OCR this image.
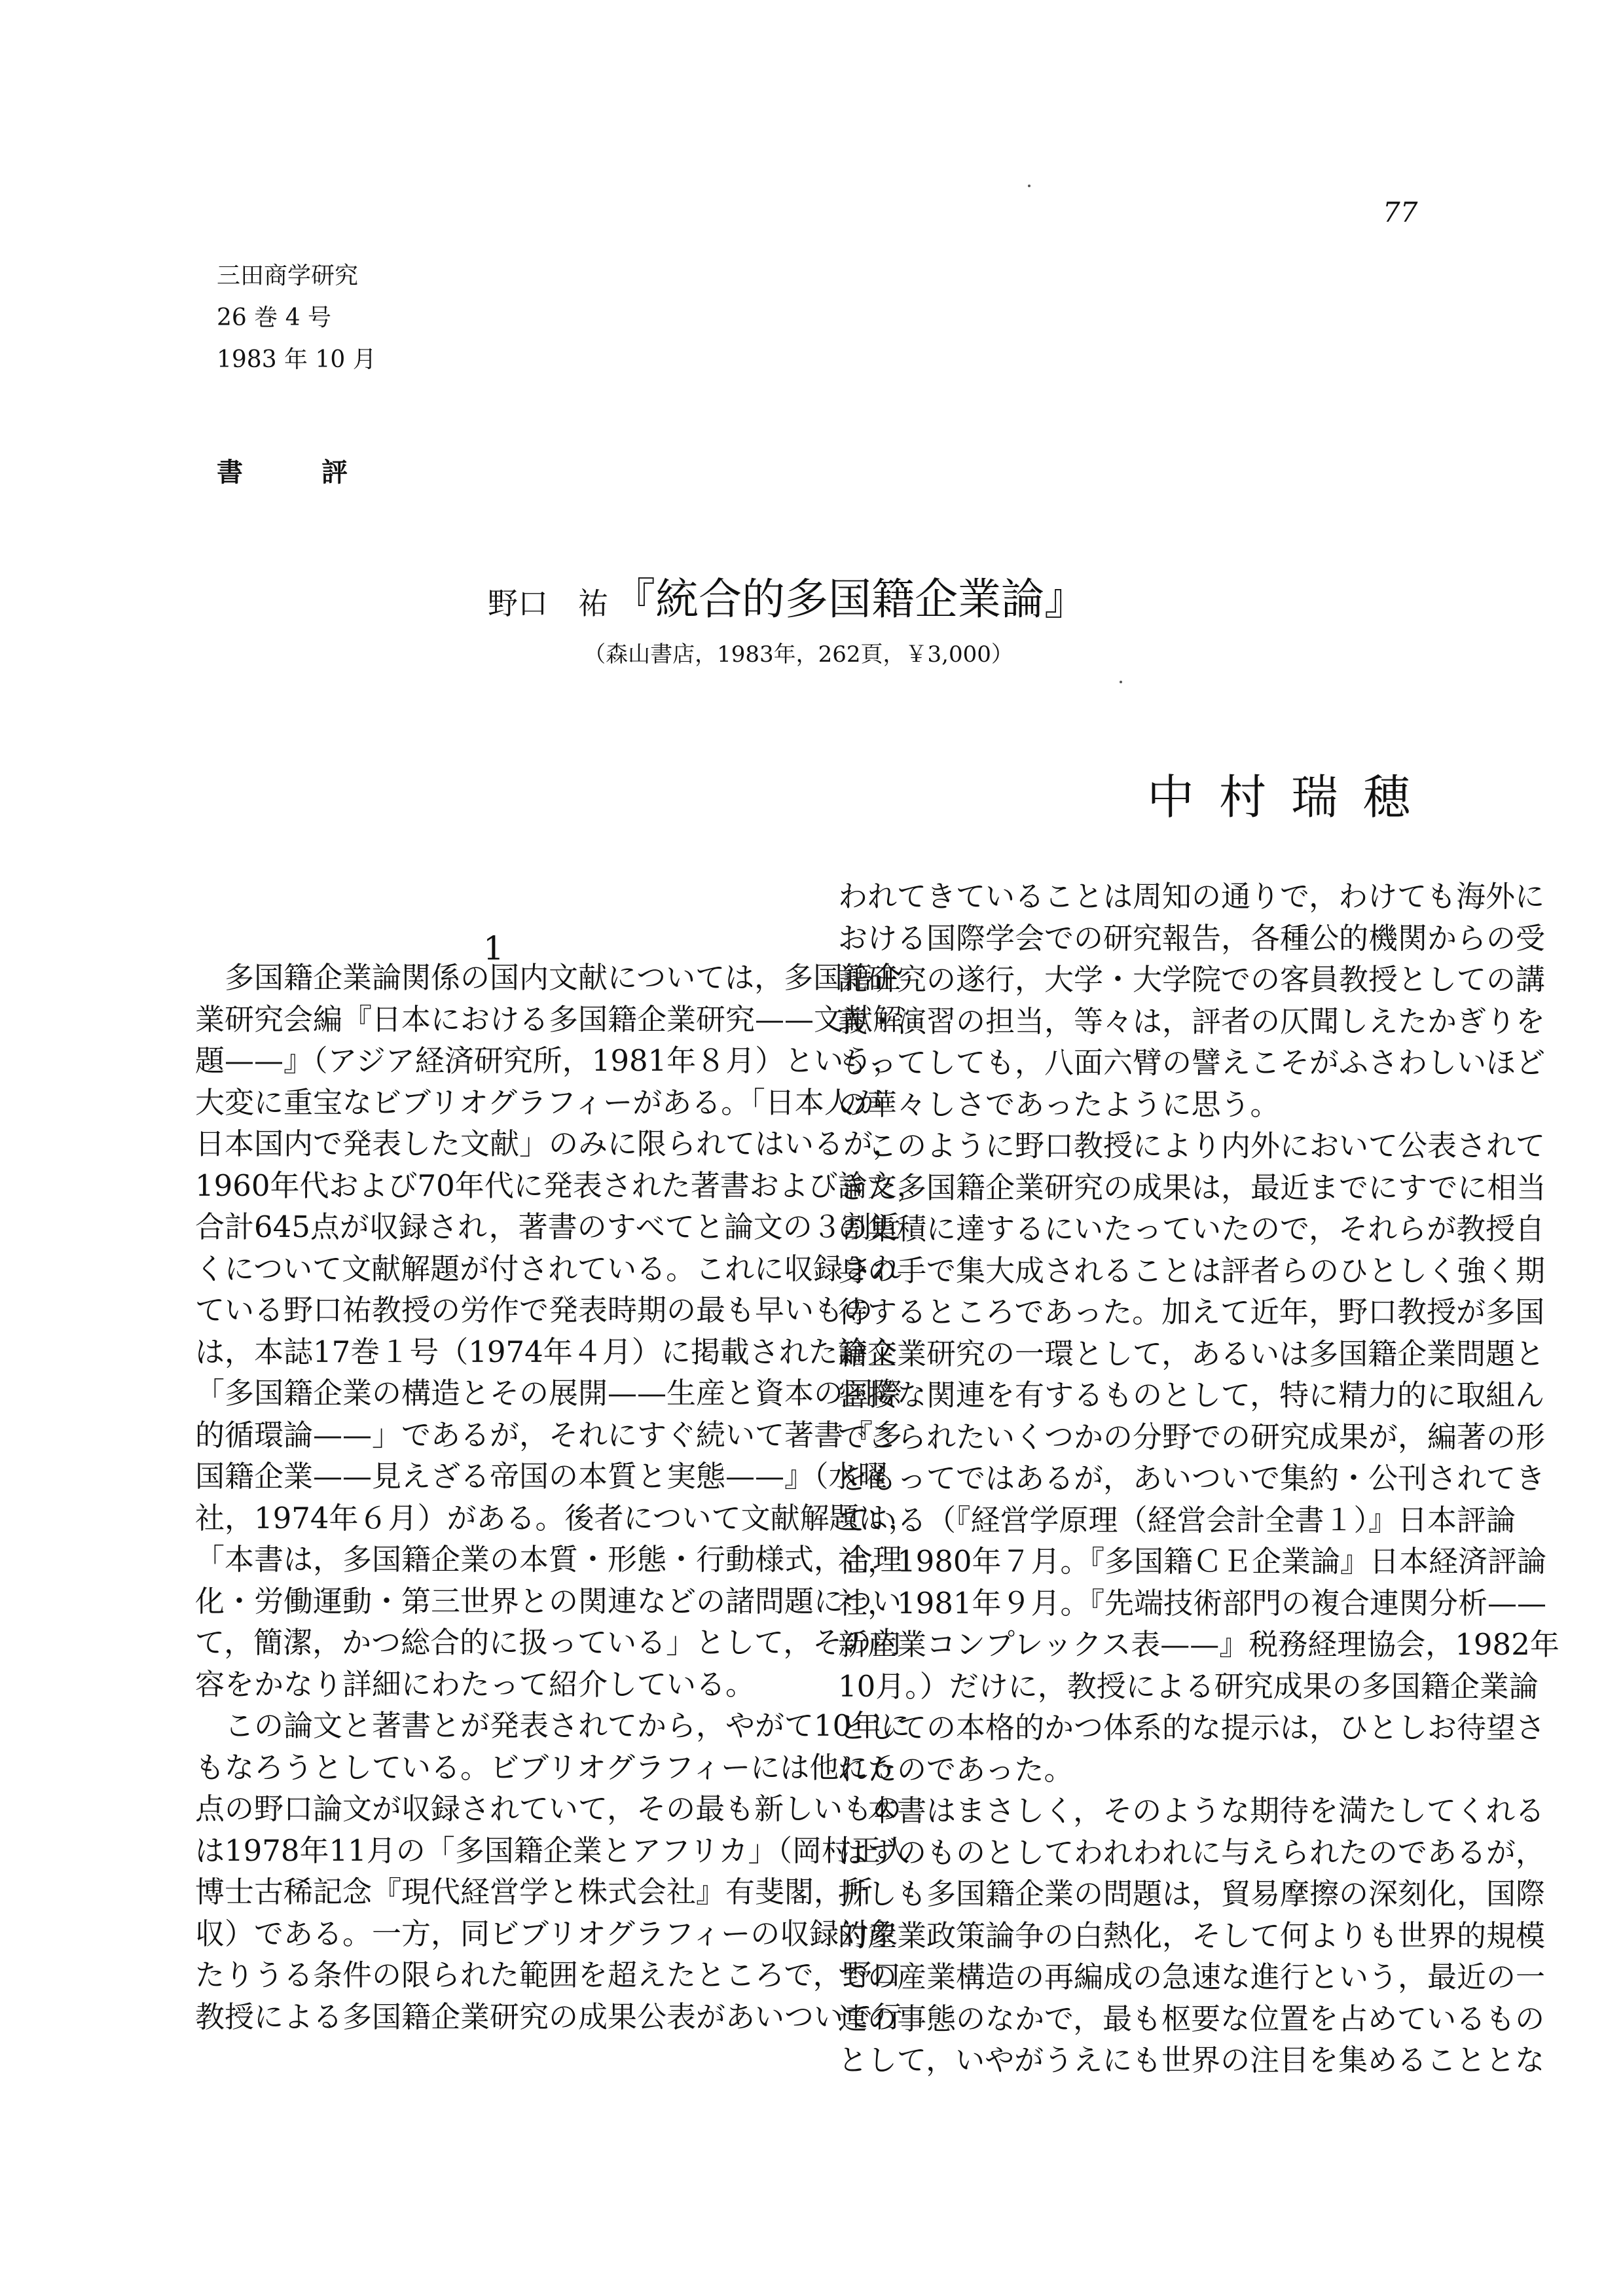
77
三田商学研究
26 巻 4 号
1983 年 10 月
書　評
野口　祐 『統合的多国籍企業論』
（森山書店，1983年，262頁，￥3,000）
中村瑞穂
1
　多国籍企業論関係の国内文献については，多国籍企
業研究会編『日本における多国籍企業研究——文献解
題——』（アジア経済研究所，1981年８月）という，
大変に重宝なビブリオグラフィーがある。「日本人が
日本国内で発表した文献」のみに限られてはいるが，
1960年代および70年代に発表された著書および論文，
合計645点が収録され，著書のすべてと論文の３割近
くについて文献解題が付されている。これに収録され
ている野口祐教授の労作で発表時期の最も早いもの
は，本誌17巻１号（1974年４月）に掲載された論文
「多国籍企業の構造とその展開——生産と資本の国際
的循環論——」であるが，それにすぐ続いて著書『多
国籍企業——見えざる帝国の本質と実態——』（水曜
社，1974年６月）がある。後者について文献解題は，
「本書は，多国籍企業の本質・形態・行動様式，合理
化・労働運動・第三世界との関連などの諸問題につい
て，簡潔，かつ総合的に扱っている」として，その内
容をかなり詳細にわたって紹介している。
　この論文と著書とが発表されてから，やがて10年に
もなろうとしている。ビブリオグラフィーには他に６
点の野口論文が収録されていて，その最も新しいもの
は1978年11月の「多国籍企業とアフリカ」（岡村正人
博士古稀記念『現代経営学と株式会社』有斐閣，所
収）である。一方，同ビブリオグラフィーの収録対象
たりうる条件の限られた範囲を超えたところで，野口
教授による多国籍企業研究の成果公表があいついで行
われてきていることは周知の通りで，わけても海外に
おける国際学会での研究報告，各種公的機関からの受
託研究の遂行，大学・大学院での客員教授としての講
義・演習の担当，等々は，評者の仄聞しえたかぎりを
もってしても，八面六臂の譬えこそがふさわしいほど
の華々しさであったように思う。
　このように野口教授により内外において公表されて
きた多国籍企業研究の成果は，最近までにすでに相当
の集積に達するにいたっていたので，それらが教授自
身の手で集大成されることは評者らのひとしく強く期
待するところであった。加えて近年，野口教授が多国
籍企業研究の一環として，あるいは多国籍企業問題と
密接な関連を有するものとして，特に精力的に取組ん
でこられたいくつかの分野での研究成果が，編著の形
をもってではあるが，あいついで集約・公刊されてき
ている（『経営学原理（経営会計全書１）』日本評論
社，1980年７月。『多国籍ＣＥ企業論』日本経済評論
社，1981年９月。『先端技術部門の複合連関分析——
新産業コンプレックス表——』税務経理協会，1982年
10月。）だけに，教授による研究成果の多国籍企業論
としての本格的かつ体系的な提示は，ひとしお待望さ
れたのであった。
　本書はまさしく，そのような期待を満たしてくれる
はずのものとしてわれわれに与えられたのであるが，
折しも多国籍企業の問題は，貿易摩擦の深刻化，国際
的産業政策論争の白熱化，そして何よりも世界的規模
での産業構造の再編成の急速な進行という，最近の一
連の事態のなかで，最も枢要な位置を占めているもの
として，いやがうえにも世界の注目を集めることとな
